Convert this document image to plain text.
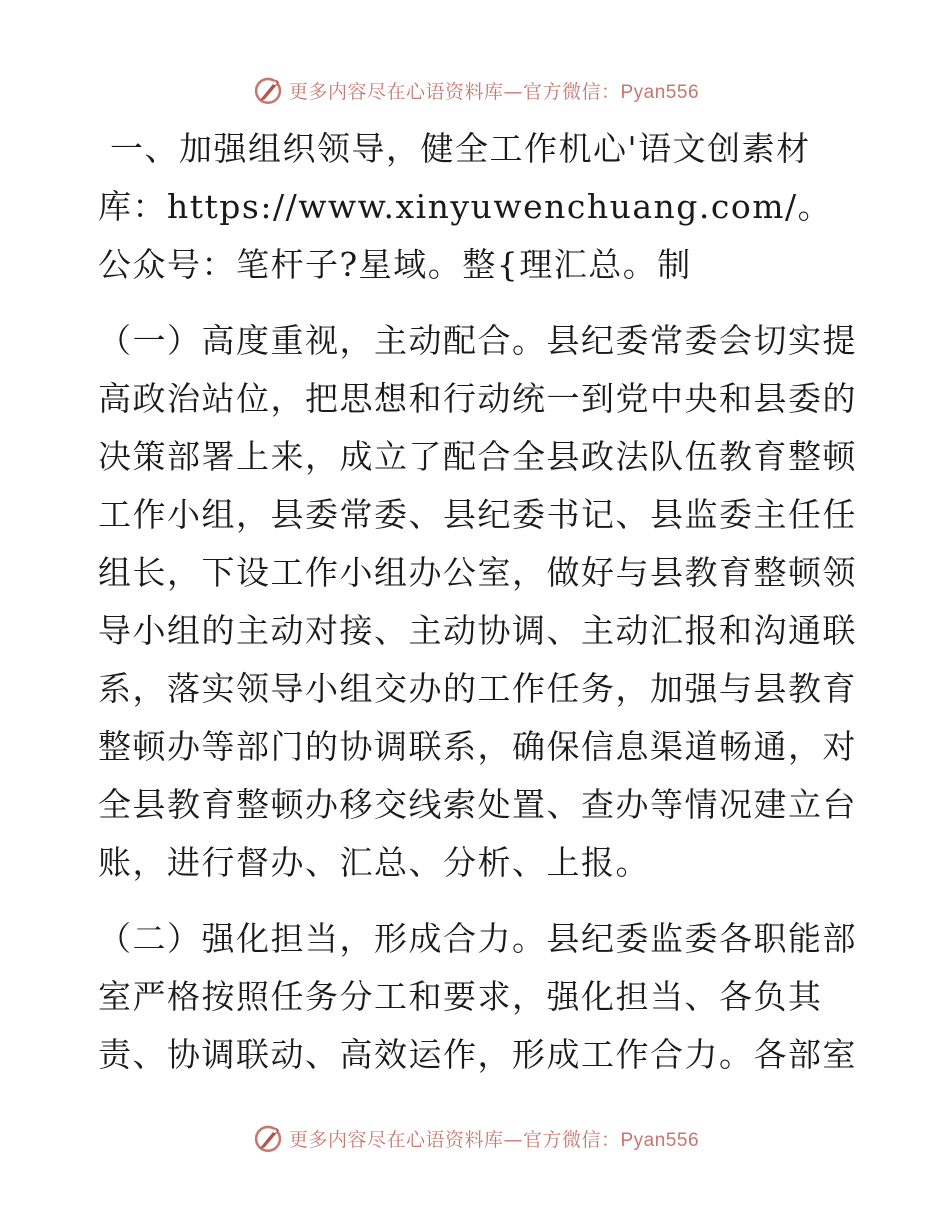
更多内容尽在心语资料库—官方微信：Pyan556

一、加强组织领导，健全工作机心'语文创素材库：https://www.xinyuwenchuang.com/。公众号：笔杆子?星域。整{理汇总。制

（一）高度重视，主动配合。县纪委常委会切实提高政治站位，把思想和行动统一到党中央和县委的决策部署上来，成立了配合全县政法队伍教育整顿工作小组，县委常委、县纪委书记、县监委主任任组长，下设工作小组办公室，做好与县教育整顿领导小组的主动对接、主动协调、主动汇报和沟通联系，落实领导小组交办的工作任务，加强与县教育整顿办等部门的协调联系，确保信息渠道畅通，对全县教育整顿办移交线索处置、查办等情况建立台账，进行督办、汇总、分析、上报。

（二）强化担当，形成合力。县纪委监委各职能部室严格按照任务分工和要求，强化担当、各负其责、协调联动、高效运作，形成工作合力。各部室

更多内容尽在心语资料库—官方微信：Pyan556
